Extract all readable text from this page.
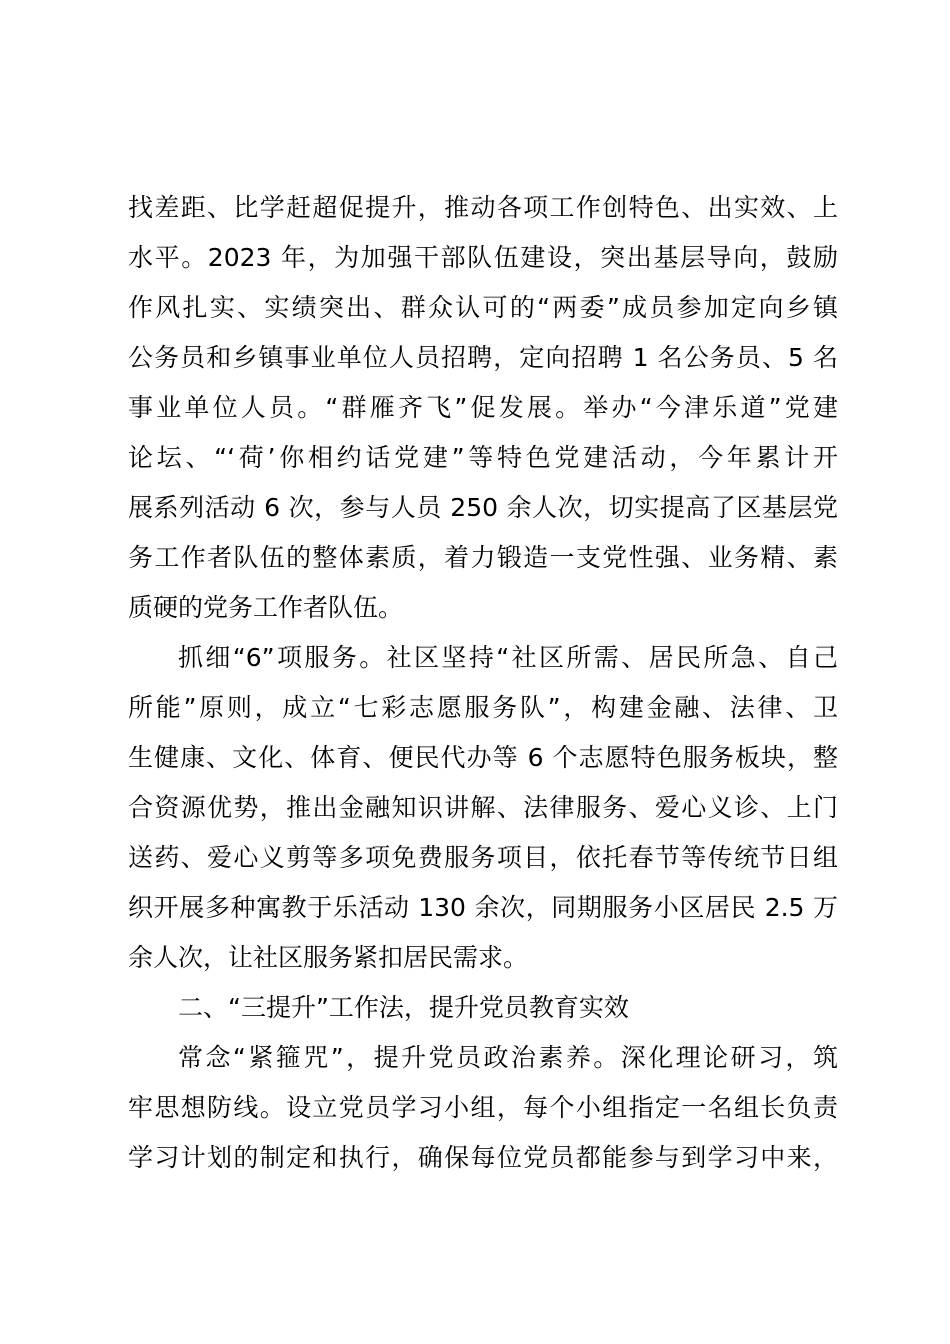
找差距、比学赶超促提升，推动各项工作创特色、出实效、上
水平。2023 年，为加强干部队伍建设，突出基层导向，鼓励
作风扎实、实绩突出、群众认可的“两委”成员参加定向乡镇
公务员和乡镇事业单位人员招聘，定向招聘 1 名公务员、5 名
事业单位人员。“群雁齐飞”促发展。举办“今津乐道”党建
论坛、“‘荷’你相约话党建”等特色党建活动，今年累计开
展系列活动 6 次，参与人员 250 余人次，切实提高了区基层党
务工作者队伍的整体素质，着力锻造一支党性强、业务精、素
质硬的党务工作者队伍。
抓细“6”项服务。社区坚持“社区所需、居民所急、自己
所能”原则，成立“七彩志愿服务队”，构建金融、法律、卫
生健康、文化、体育、便民代办等 6 个志愿特色服务板块，整
合资源优势，推出金融知识讲解、法律服务、爱心义诊、上门
送药、爱心义剪等多项免费服务项目，依托春节等传统节日组
织开展多种寓教于乐活动 130 余次，同期服务小区居民 2.5 万
余人次，让社区服务紧扣居民需求。
二、“三提升”工作法，提升党员教育实效
常念“紧箍咒”，提升党员政治素养。深化理论研习，筑
牢思想防线。设立党员学习小组，每个小组指定一名组长负责
学习计划的制定和执行，确保每位党员都能参与到学习中来，
